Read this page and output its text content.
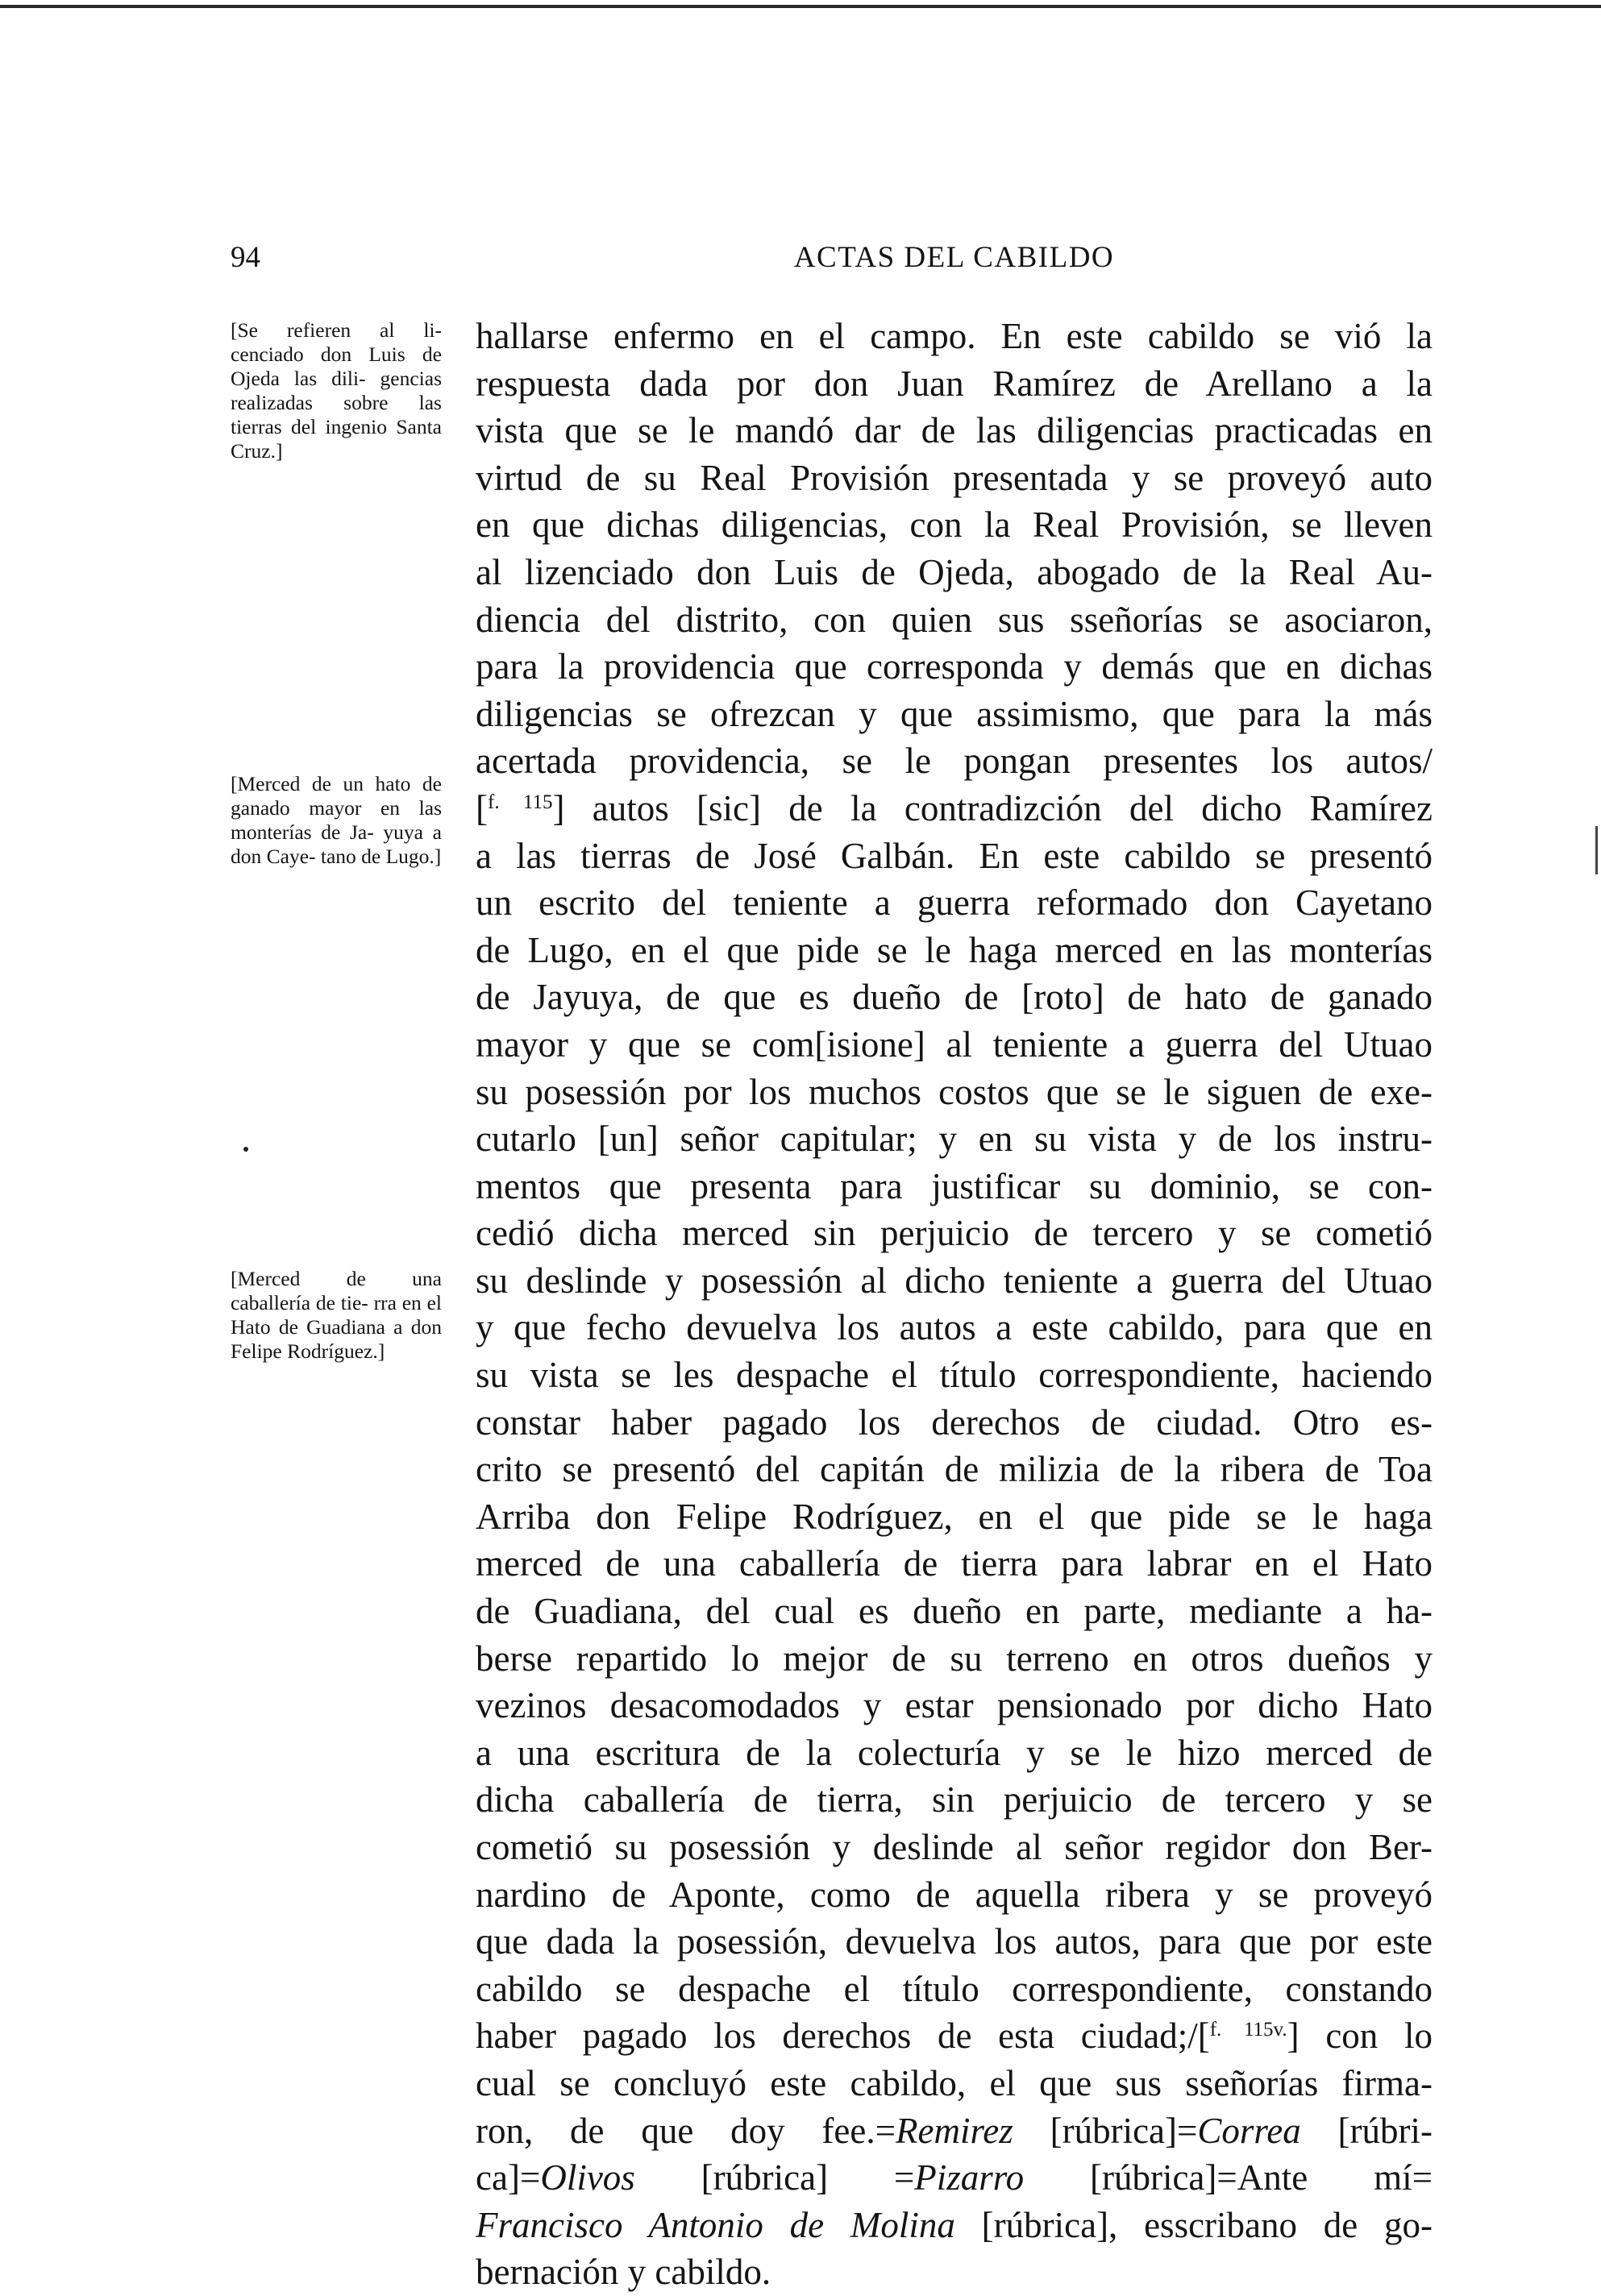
94	ACTAS DEL CABILDO
[Se refieren al li- cenciado don Luis de Ojeda las dili- gencias realizadas sobre las tierras del ingenio Santa Cruz.]
[Merced de un hato de ganado mayor en las monterías de Ja- yuya a don Caye- tano de Lugo.]
[Merced de una caballería de tie- rra en el Hato de Guadiana a don Felipe Rodríguez.]
hallarse enfermo en el campo. En este cabildo se vió la
respuesta dada por don Juan Ramírez de Arellano a la
vista que se le mandó dar de las diligencias practicadas en
virtud de su Real Provisión presentada y se proveyó auto
en que dichas diligencias, con la Real Provisión, se lleven
al lizenciado don Luis de Ojeda, abogado de la Real Au-
diencia del distrito, con quien sus sseñorías se asociaron,
para la providencia que corresponda y demás que en dichas
diligencias se ofrezcan y que assimismo, que para la más
acertada providencia, se le pongan presentes los autos/
[$^{f. 115}$] autos [sic] de la contradizción del dicho Ramírez
a las tierras de José Galbán. En este cabildo se presentó
un escrito del teniente a guerra reformado don Cayetano
de Lugo, en el que pide se le haga merced en las monterías
de Jayuya, de que es dueño de [roto] de hato de ganado
mayor y que se com[isione] al teniente a guerra del Utuao
su posessión por los muchos costos que se le siguen de exe-
cutarlo [un] señor capitular; y en su vista y de los instru-
mentos que presenta para justificar su dominio, se con-
cedió dicha merced sin perjuicio de tercero y se cometió
su deslinde y posessión al dicho teniente a guerra del Utuao
y que fecho devuelva los autos a este cabildo, para que en
su vista se les despache el título correspondiente, haciendo
constar haber pagado los derechos de ciudad. Otro es-
crito se presentó del capitán de milizia de la ribera de Toa
Arriba don Felipe Rodríguez, en el que pide se le haga
merced de una caballería de tierra para labrar en el Hato
de Guadiana, del cual es dueño en parte, mediante a ha-
berse repartido lo mejor de su terreno en otros dueños y
vezinos desacomodados y estar pensionado por dicho Hato
a una escritura de la colecturía y se le hizo merced de
dicha caballería de tierra, sin perjuicio de tercero y se
cometió su posessión y deslinde al señor regidor don Ber-
nardino de Aponte, como de aquella ribera y se proveyó
que dada la posessión, devuelva los autos, para que por este
cabildo se despache el título correspondiente, constando
haber pagado los derechos de esta ciudad;/[$^{f. 115v.}$] con lo
cual se concluyó este cabildo, el que sus sseñorías firma-
ron, de que doy fee.=Remirez [rúbrica]=Correa [rúbri-
ca]=Olivos [rúbrica] =Pizarro [rúbrica]=Ante mí=
Francisco Antonio de Molina [rúbrica], esscribano de go-
bernación y cabildo.
